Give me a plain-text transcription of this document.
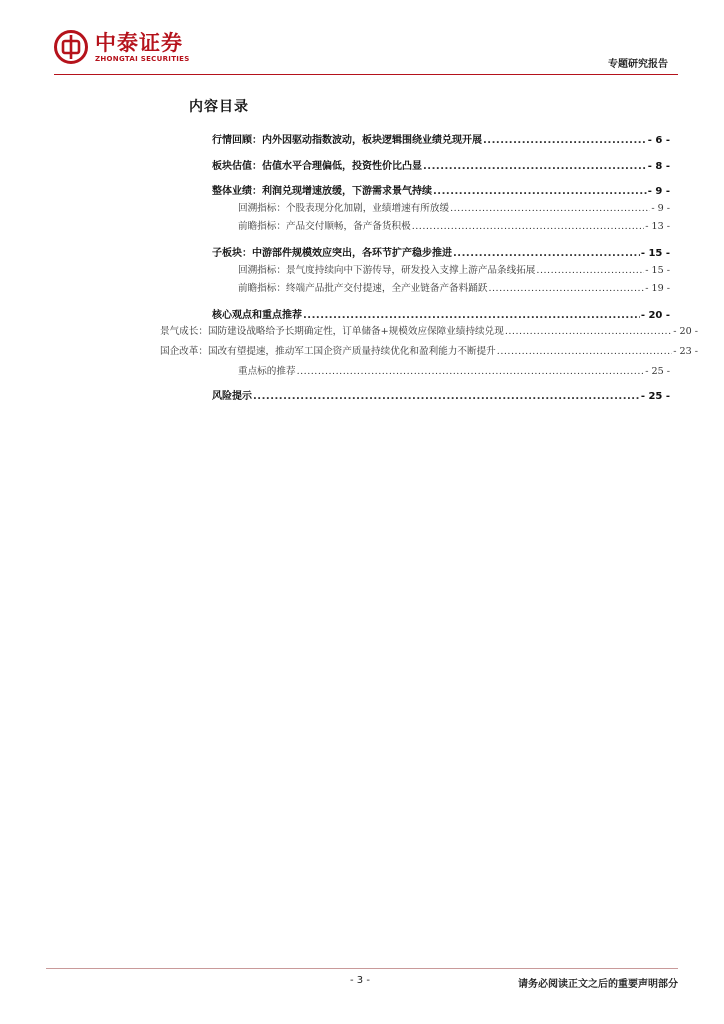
中泰证券
ZHONGTAI SECURITIES
专题研究报告
内容目录
行情回顾：内外因驱动指数波动，板块逻辑围绕业绩兑现开展 .....	- 6 -
板块估值：估值水平合理偏低，投资性价比凸显 .....	- 8 -
整体业绩：利润兑现增速放缓，下游需求景气持续 .....	- 9 -
回溯指标：个股表现分化加剧，业绩增速有所放缓 .....	- 9 -
前瞻指标：产品交付顺畅，备产备货积极 .....	- 13 -
子板块：中游部件规模效应突出，各环节扩产稳步推进 .....	- 15 -
回溯指标：景气度持续向中下游传导，研发投入支撑上游产品条线拓展 .....	- 15 -
前瞻指标：终端产品批产交付提速，全产业链备产备料踊跃 .....	- 19 -
核心观点和重点推荐 .....	- 20 -
景气成长：国防建设战略给予长期确定性，订单储备+规模效应保障业绩持续兑现 .....	- 20 -
国企改革：国改有望提速，推动军工国企资产质量持续优化和盈利能力不断提升 .....	- 23 -
重点标的推荐 .....	- 25 -
风险提示 .....	- 25 -
- 3 -	请务必阅读正文之后的重要声明部分
